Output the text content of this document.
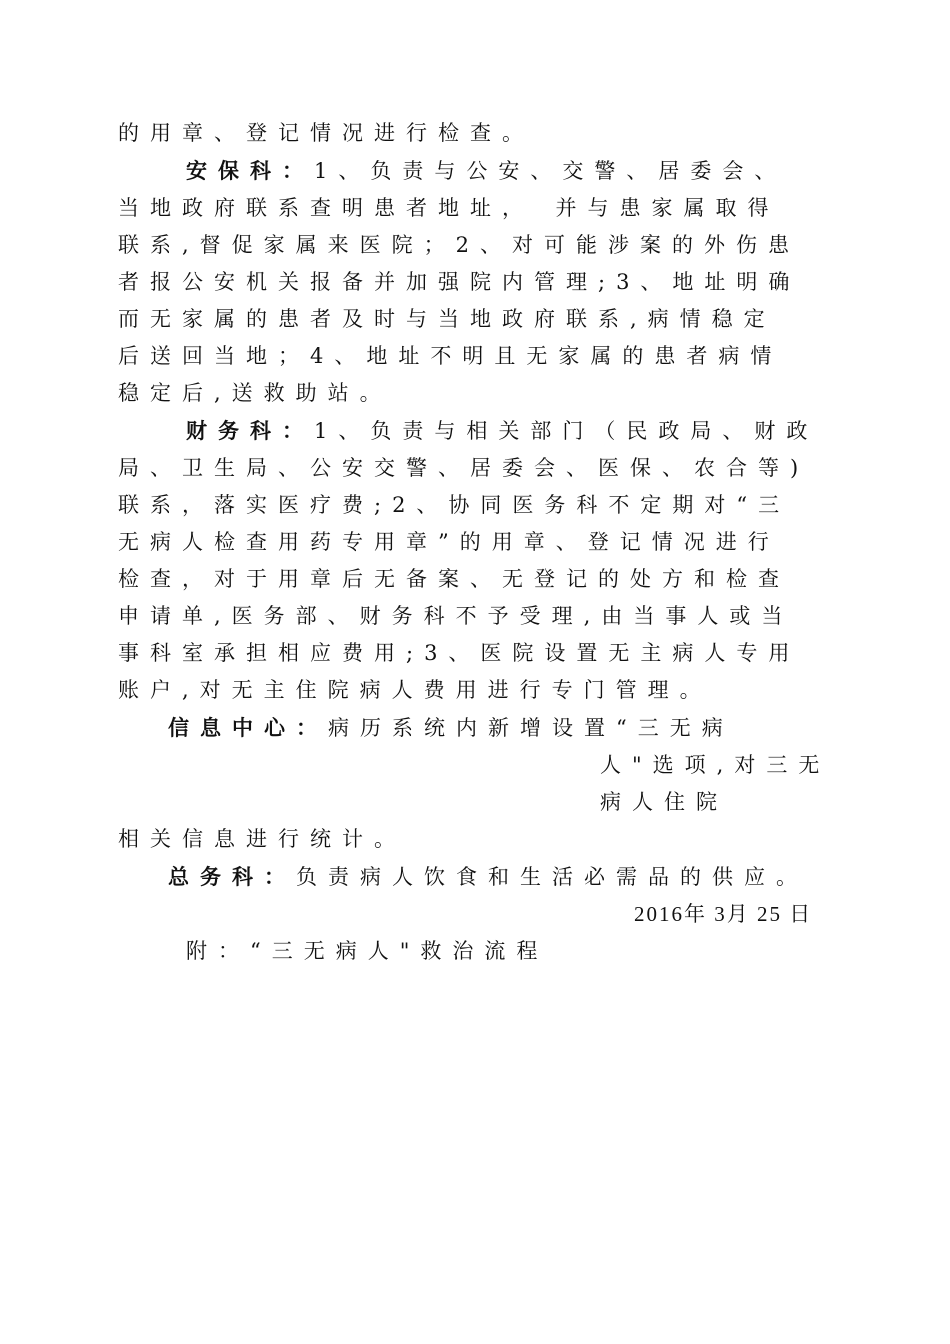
的用章、登记情况进行检查。
安保科：1、负责与公安、交警、居委会、
当地政府联系查明患者地址，　并与患家属取得
联系,督促家属来医院；2、对可能涉案的外伤患
者报公安机关报备并加强院内管理;3、地址明确
而无家属的患者及时与当地政府联系,病情稳定
后送回当地；4、地址不明且无家属的患者病情
稳定后,送救助站。
财务科：1、负责与相关部门（民政局、财政
局、卫生局、公安交警、居委会、医保、农合等)
联系，落实医疗费;2、协同医务科不定期对“三
无病人检查用药专用章”的用章、登记情况进行
检查，对于用章后无备案、无登记的处方和检查
申请单,医务部、财务科不予受理,由当事人或当
事科室承担相应费用;3、医院设置无主病人专用
账户,对无主住院病人费用进行专门管理。
信息中心：病历系统内新增设置“三无病
人"选项,对三无
病人住院
相关信息进行统计。
总务科：负责病人饮食和生活必需品的供应。
2016年 3月 25 日
附：“三无病人"救治流程
